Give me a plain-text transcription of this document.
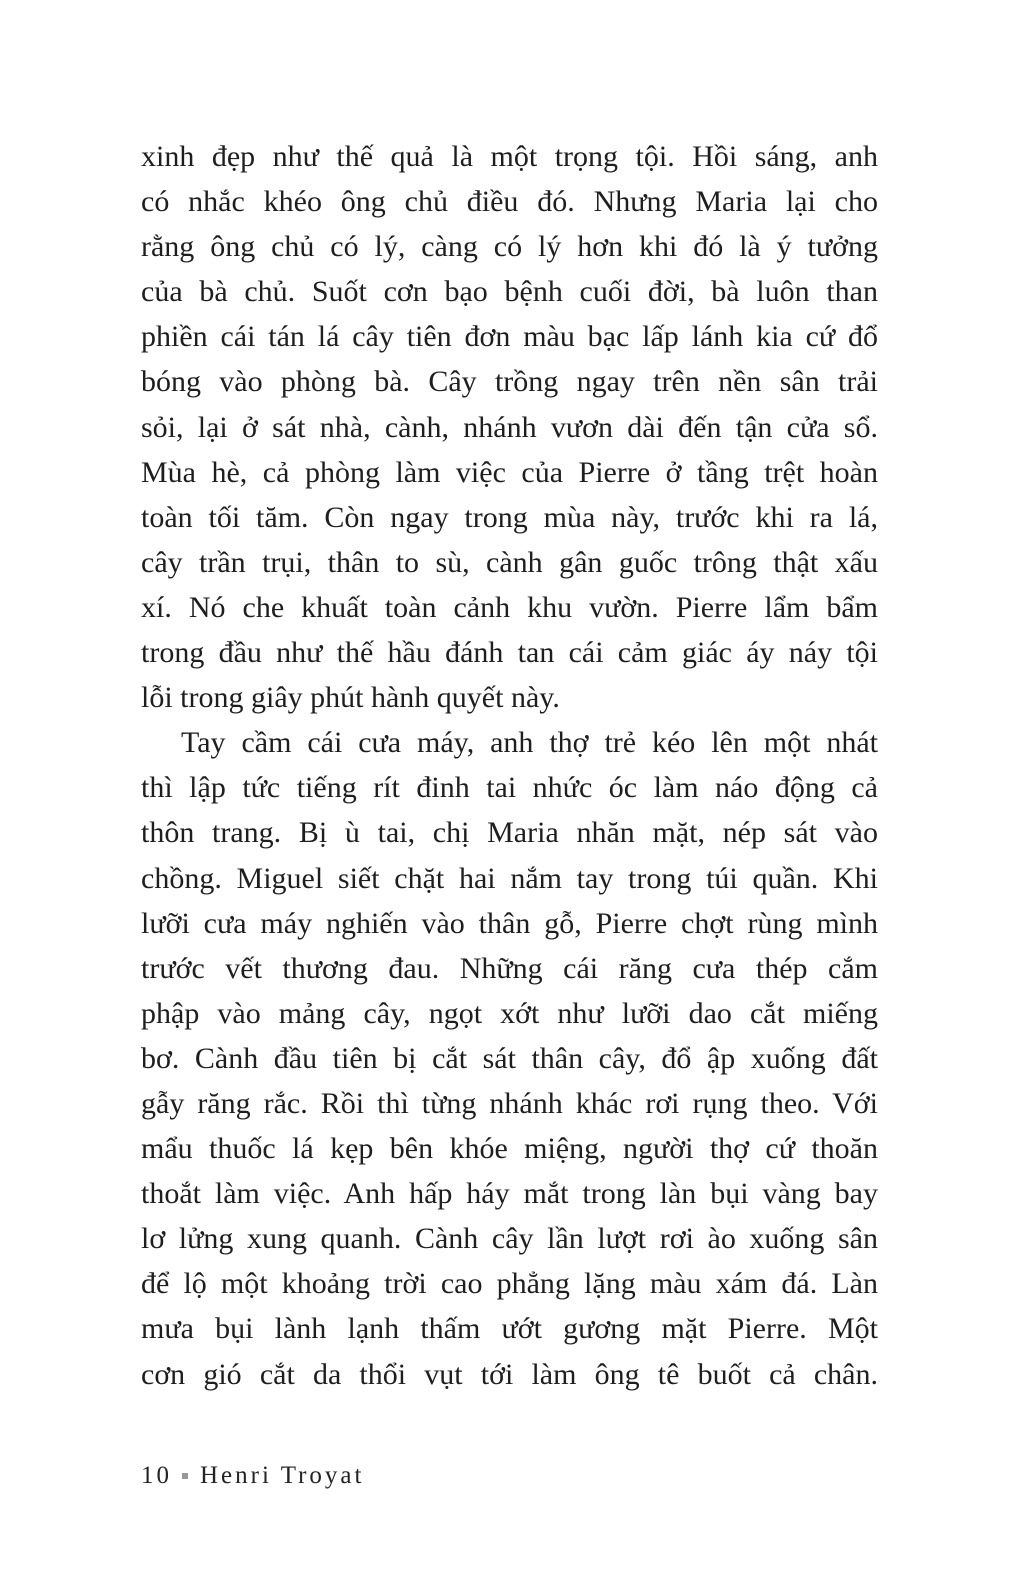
xinh đẹp như thế quả là một trọng tội. Hồi sáng, anh
có nhắc khéo ông chủ điều đó. Nhưng Maria lại cho
rằng ông chủ có lý, càng có lý hơn khi đó là ý tưởng
của bà chủ. Suốt cơn bạo bệnh cuối đời, bà luôn than
phiền cái tán lá cây tiên đơn màu bạc lấp lánh kia cứ đổ
bóng vào phòng bà. Cây trồng ngay trên nền sân trải
sỏi, lại ở sát nhà, cành, nhánh vươn dài đến tận cửa sổ.
Mùa hè, cả phòng làm việc của Pierre ở tầng trệt hoàn
toàn tối tăm. Còn ngay trong mùa này, trước khi ra lá,
cây trần trụi, thân to sù, cành gân guốc trông thật xấu
xí. Nó che khuất toàn cảnh khu vườn. Pierre lẩm bẩm
trong đầu như thế hầu đánh tan cái cảm giác áy náy tội
lỗi trong giây phút hành quyết này.
Tay cầm cái cưa máy, anh thợ trẻ kéo lên một nhát
thì lập tức tiếng rít đinh tai nhức óc làm náo động cả
thôn trang. Bị ù tai, chị Maria nhăn mặt, nép sát vào
chồng. Miguel siết chặt hai nắm tay trong túi quần. Khi
lưỡi cưa máy nghiến vào thân gỗ, Pierre chợt rùng mình
trước vết thương đau. Những cái răng cưa thép cắm
phập vào mảng cây, ngọt xớt như lưỡi dao cắt miếng
bơ. Cành đầu tiên bị cắt sát thân cây, đổ ập xuống đất
gẫy răng rắc. Rồi thì từng nhánh khác rơi rụng theo. Với
mẩu thuốc lá kẹp bên khóe miệng, người thợ cứ thoăn
thoắt làm việc. Anh hấp háy mắt trong làn bụi vàng bay
lơ lửng xung quanh. Cành cây lần lượt rơi ào xuống sân
để lộ một khoảng trời cao phẳng lặng màu xám đá. Làn
mưa bụi lành lạnh thấm ướt gương mặt Pierre. Một
cơn gió cắt da thổi vụt tới làm ông tê buốt cả chân.
10 Henri Troyat
